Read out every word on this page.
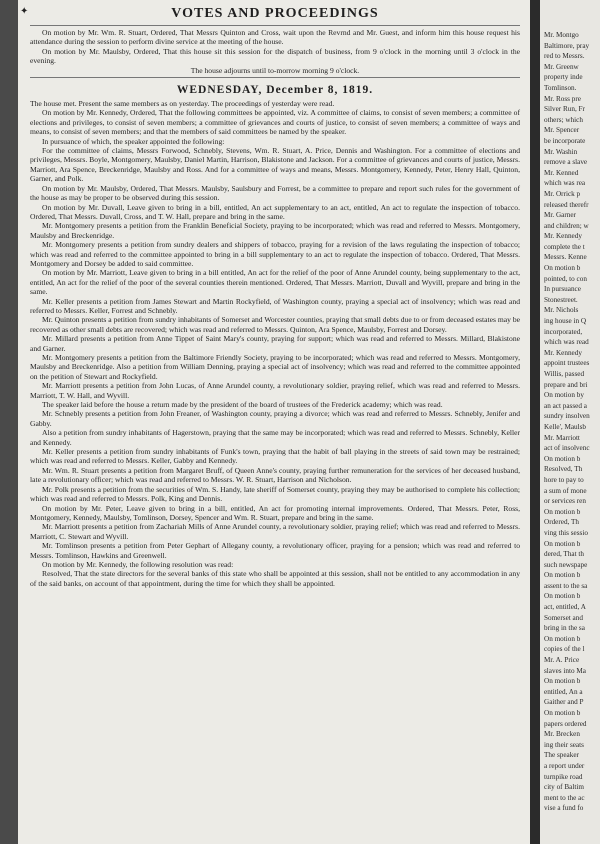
✦	VOTES AND PROCEEDINGS

On motion by Mr. Wm. R. Stuart, Ordered, That Messrs Quinton and Cross, wait upon the Revrnd and Mr. Guest, and inform him this house request his attendance during the session to perform divine service at the meeting of the house.

On motion by Mr. Maulsby, Ordered, That this house sit this session for the dispatch of business, from 9 o'clock in the morning until 3 o'clock in the evening.

The house adjourns until to-morrow morning 9 o'clock.

WEDNESDAY, December 8, 1819.

The house met. Present the same members as on yesterday. The proceedings of yesterday were read.

On motion by Mr. Kennedy, Ordered, That the following committees be appointed, viz. A committee of claims, to consist of seven members; a committee of elections and privileges, to consist of seven members; a committee of grievances and courts of justice, to consist of seven members; a committee of ways and means, to consist of seven members; and that the members of said committees be named by the speaker.

In pursuance of which, the speaker appointed the following:

For the committee of claims, Messrs Forwood, Schnebly, Stevens, Wm. R. Stuart, A. Price, Dennis and Washington. For a committee of elections and privileges, Messrs. Boyle, Montgomery, Maulsby, Daniel Martin, Harrison, Blakistone and Jackson. For a committee of grievances and courts of justice, Messrs. Marriott, Ara Spence, Breckenridge, Maulsby and Ross. And for a committee of ways and means, Messrs. Montgomery, Kennedy, Peter, Henry Hall, Quinton, Garner, and Polk.

On motion by Mr. Maulsby, Ordered, That Messrs. Maulsby, Saulsbury and Forrest, be a committee to prepare and report such rules for the government of the house as may be proper to be observed during this session.

On motion by Mr. Duvall, Leave given to bring in a bill, entitled, An act supplementary to an act, entitled, An act to regulate the inspection of tobacco. Ordered, That Messrs. Duvall, Cross, and T. W. Hall, prepare and bring in the same.

Mr. Montgomery presents a petition from the Franklin Beneficial Society, praying to be incorporated; which was read and referred to Messrs. Montgomery, Maulsby and Breckenridge.

Mr. Montgomery presents a petition from sundry dealers and shippers of tobacco, praying for a revision of the laws regulating the inspection of tobacco; which was read and referred to the committee appointed to bring in a bill supplementary to an act to regulate the inspection of tobacco. Ordered, That Messrs. Montgomery and Dorsey be added to said committee.

On motion by Mr. Marriott, Leave given to bring in a bill entitled, An act for the relief of the poor of Anne Arundel county, being supplementary to the act, entitled, An act for the relief of the poor of the several counties therein mentioned. Ordered, That Messrs. Marriott, Duvall and Wyvill, prepare and bring in the same.

Mr. Keller presents a petition from James Stewart and Martin Rockyfield, of Washington county, praying a special act of insolvency; which was read and referred to Messrs. Keller, Forrest and Schnebly.

Mr. Quinton presents a petition from sundry inhabitants of Somerset and Worcester counties, praying that small debts due to or from deceased estates may be recovered as other small debts are recovered; which was read and referred to Messrs. Quinton, Ara Spence, Maulsby, Forrest and Dorsey.

Mr. Millard presents a petition from Anne Tippet of Saint Mary's county, praying for support; which was read and referred to Messrs. Millard, Blakistone and Garner.

Mr. Montgomery presents a petition from the Baltimore Friendly Society, praying to be incorporated; which was read and referred to Messrs. Montgomery, Maulsby and Breckenridge. Also a petition from William Denning, praying a special act of insolvency; which was read and referred to the committee appointed on the petition of Stewart and Rockyfield.

Mr. Marriott presents a petition from John Lucas, of Anne Arundel county, a revolutionary soldier, praying relief, which was read and referred to Messrs. Marriott, T. W. Hall, and Wyvill.

The speaker laid before the house a return made by the president of the board of trustees of the Frederick academy; which was read.

Mr. Schnebly presents a petition from John Freaner, of Washington county, praying a divorce; which was read and referred to Messrs. Schnebly, Jenifer and Gabby.

Also a petition from sundry inhabitants of Hagerstown, praying that the same may be incorporated; which was read and referred to Messrs. Schnebly, Keller and Kennedy.

Mr. Keller presents a petition from sundry inhabitants of Funk's town, praying that the habit of ball playing in the streets of said town may be restrained; which was read and referred to Messrs. Keller, Gabby and Kennedy.

Mr. Wm. R. Stuart presents a petition from Margaret Bruff, of Queen Anne's county, praying further remuneration for the services of her deceased husband, late a revolutionary officer; which was read and referred to Messrs. W. R. Stuart, Harrison and Nicholson.

Mr. Polk presents a petition from the securities of Wm. S. Handy, late sheriff of Somerset county, praying they may be authorised to complete his collection; which was read and referred to Messrs. Polk, King and Dennis.

On motion by Mr. Peter, Leave given to bring in a bill, entitled, An act for promoting internal improvements. Ordered, That Messrs. Peter, Ross, Montgomery, Kennedy, Maulsby, Tomlinson, Dorsey, Spencer and Wm. R. Stuart, prepare and bring in the same.

Mr. Marriott presents a petition from Zachariah Mills of Anne Arundel county, a revolutionary soldier, praying relief; which was read and referred to Messrs. Marriott, C. Stewart and Wyvill.

Mr. Tomlinson presents a petition from Peter Gephart of Allegany county, a revolutionary officer, praying for a pension; which was read and referred to Messrs. Tomlinson, Hawkins and Greenwell.

On motion by Mr. Kennedy, the following resolution was read:

Resolved, That the state directors for the several banks of this state who shall be appointed at this session, shall not be entitled to any accommodation in any of the said banks, on account of that appointment, during the time for which they shall be appointed.

Mr. Montgo
Baltimore, pray
red to Messrs.
Mr. Greenw
property inde
Tomlinson.
Mr. Ross pre
Silver Run, Fr
others; which
Mr. Spencer
be incorporate
Mr. Washin
remove a slave
Mr. Kenned
which was rea
Mr. Orrick p
released therefr
Mr. Garner
and children; w
Mr. Kennedy
complete the t
Messrs. Kenne
On motion b
pointed, to con
In pursuance
Stonestreet.
Mr. Nichols
ing house in Q
incorporated,
which was read
Mr. Kennedy
appoint trustees
Willis, passed
prepare and bri
On motion by
an act passed a
sundry insolven
Kelle', Maulsb
Mr. Marriott
act of insolvenc
On motion b
Resolved, Th
hore to pay to
a sum of mone
or services ren
On motion b
Ordered, Th
ving this sessio
On motion b
dered, That th
such newspape
On motion b
assent to the sa
On motion b
act, entitled, A
Somerset and
bring in the sa
On motion b
copies of the l
Mr. A. Price
slaves into Ma
On motion b
entitled, An a
Gaither and P
On motion b
papers ordered
Mr. Brecken
ing their seats
The speaker
a report under
turnpike road
city of Baltim
ment to the ac
vise a fund fo
